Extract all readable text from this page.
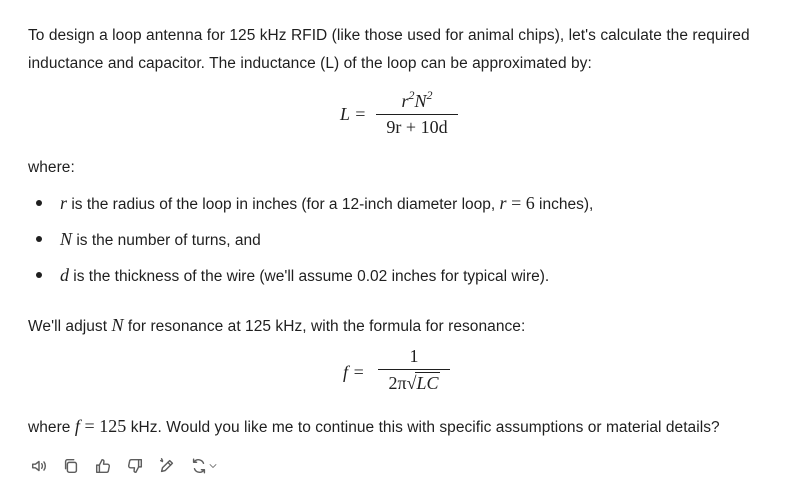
To design a loop antenna for 125 kHz RFID (like those used for animal chips), let's calculate the required inductance and capacitor. The inductance (L) of the loop can be approximated by:
L =
$r^2N^2$
9r + 10d
where:
r is the radius of the loop in inches (for a 12-inch diameter loop, r = 6 inches),
N is the number of turns, and
d is the thickness of the wire (we'll assume 0.02 inches for typical wire).
We'll adjust N for resonance at 125 kHz, with the formula for resonance:
f =
1
2π√LC
where f = 125 kHz. Would you like me to continue this with specific assumptions or material details?
